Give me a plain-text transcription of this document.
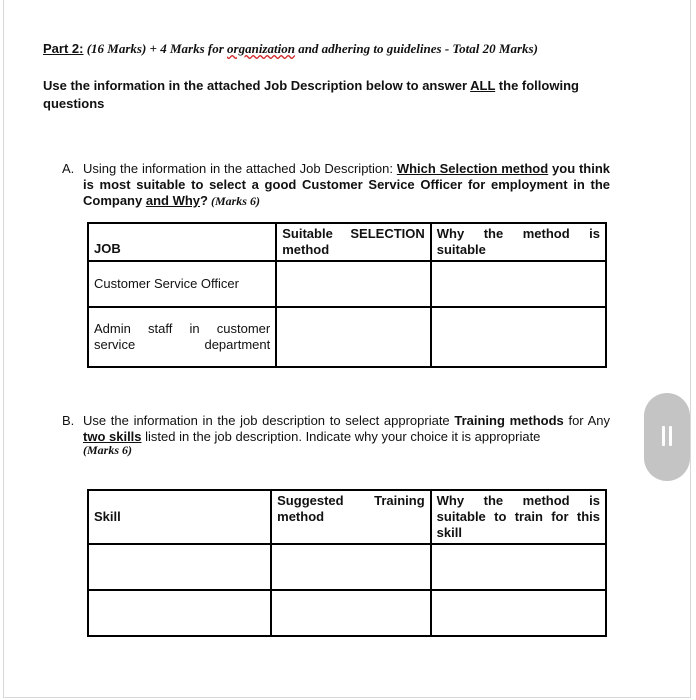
Part 2: (16 Marks) + 4 Marks for organization and adhering to guidelines - Total 20 Marks)
Use the information in the attached Job Description below to answer ALL the following questions
A. Using the information in the attached Job Description: Which Selection method you think is most suitable to select a good Customer Service Officer for employment in the Company and Why? (Marks 6)
JOB	Suitable SELECTION method	Why the method is suitable
Customer Service Officer		
Admin staff in customer service department		
B. Use the information in the job description to select appropriate Training methods for Any two skills listed in the job description. Indicate why your choice it is appropriate

(Marks 6)
Skill	Suggested Training method	Why the method is suitable to train for this skill
